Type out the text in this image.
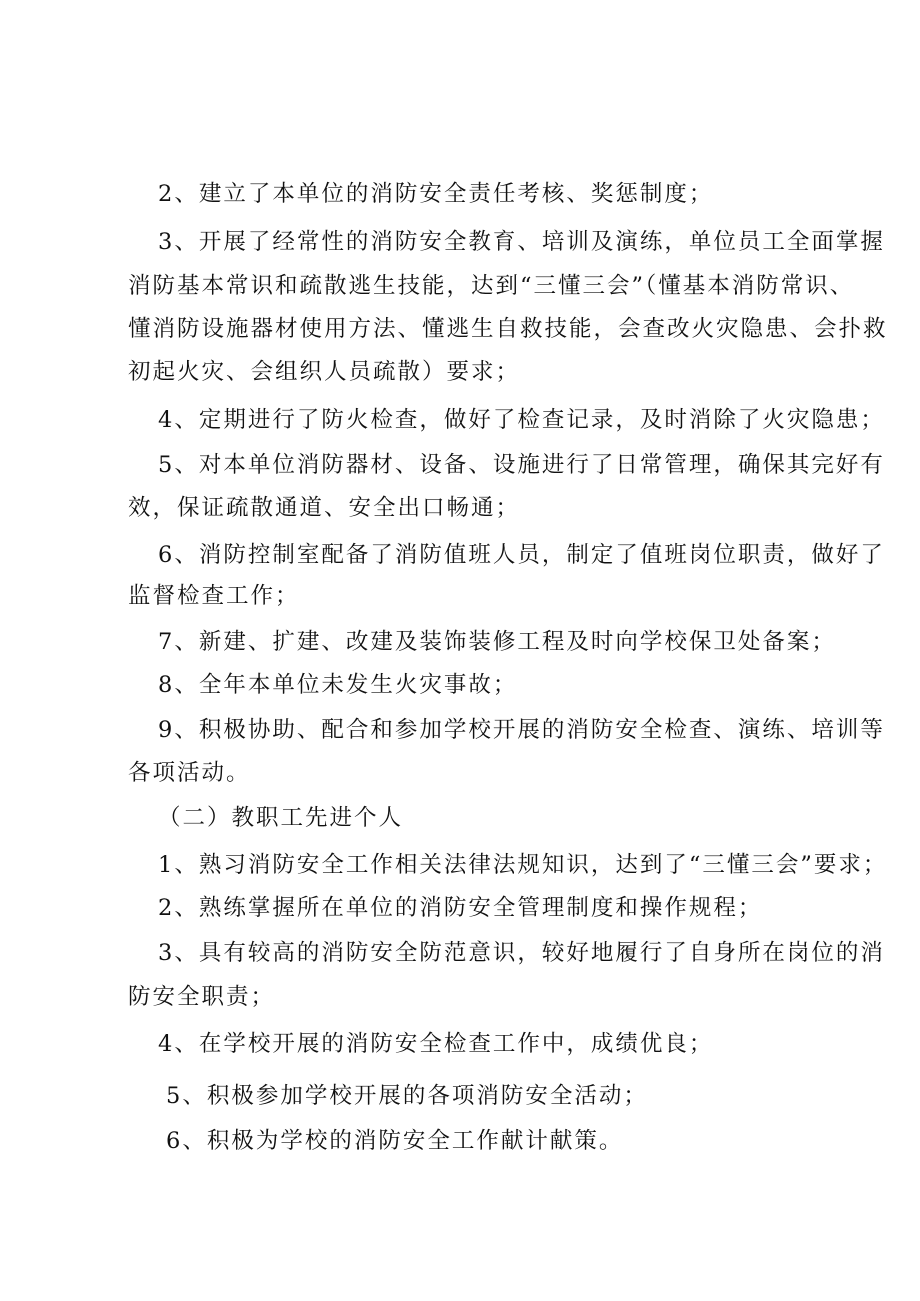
2、建立了本单位的消防安全责任考核、奖惩制度；
3、开展了经常性的消防安全教育、培训及演练，单位员工全面掌握
消防基本常识和疏散逃生技能，达到“三懂三会”（懂基本消防常识、
懂消防设施器材使用方法、懂逃生自救技能，会查改火灾隐患、会扑救
初起火灾、会组织人员疏散）要求；
4、定期进行了防火检查，做好了检查记录，及时消除了火灾隐患；
5、对本单位消防器材、设备、设施进行了日常管理，确保其完好有
效，保证疏散通道、安全出口畅通；
6、消防控制室配备了消防值班人员，制定了值班岗位职责，做好了
监督检查工作；
7、新建、扩建、改建及装饰装修工程及时向学校保卫处备案；
8、全年本单位未发生火灾事故；
9、积极协助、配合和参加学校开展的消防安全检查、演练、培训等
各项活动。
（二）教职工先进个人
1、熟习消防安全工作相关法律法规知识，达到了“三懂三会”要求；
2、熟练掌握所在单位的消防安全管理制度和操作规程；
3、具有较高的消防安全防范意识，较好地履行了自身所在岗位的消
防安全职责；
4、在学校开展的消防安全检查工作中，成绩优良；
5、积极参加学校开展的各项消防安全活动；
6、积极为学校的消防安全工作献计献策。
